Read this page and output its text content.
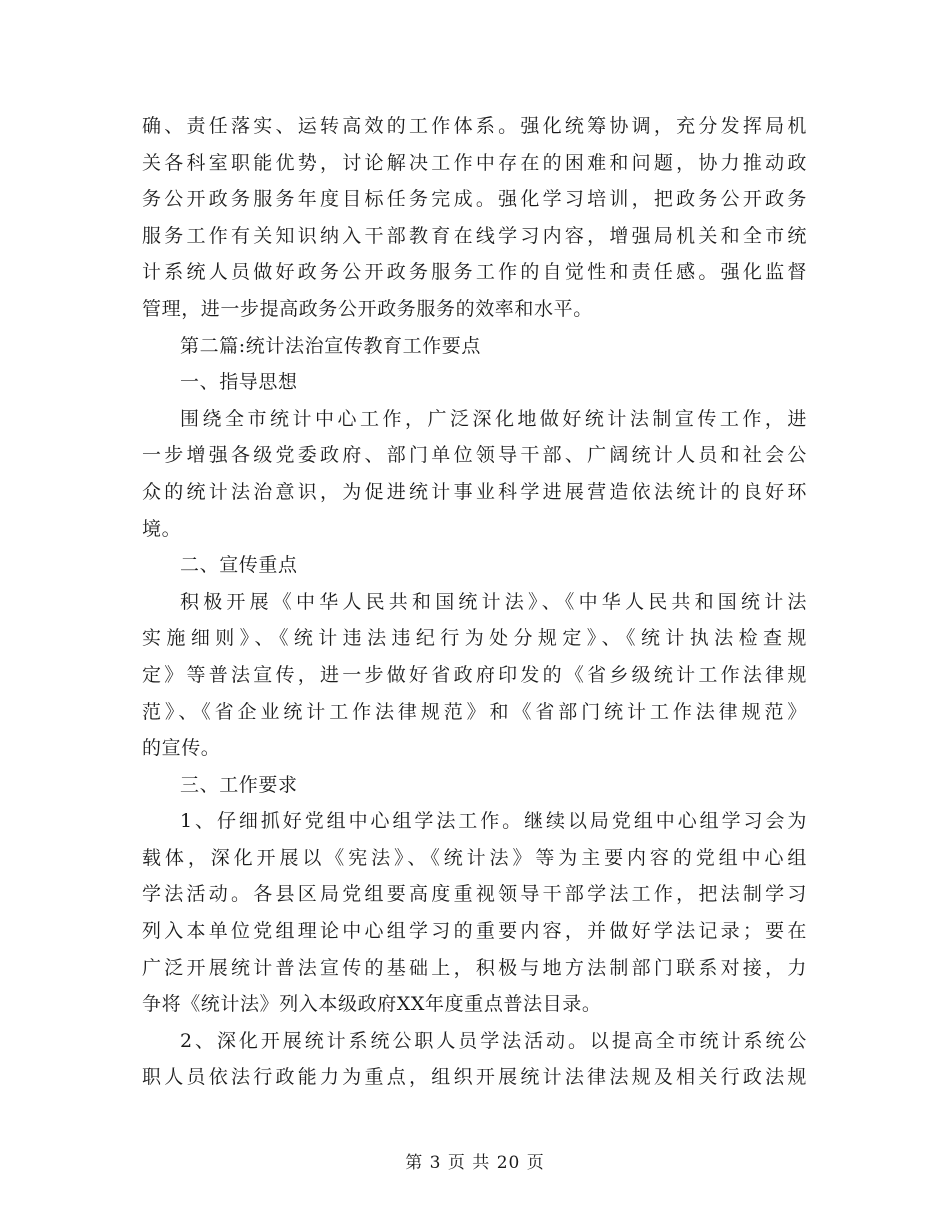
确、责任落实、运转高效的工作体系。强化统筹协调，充分发挥局机
关各科室职能优势，讨论解决工作中存在的困难和问题，协力推动政
务公开政务服务年度目标任务完成。强化学习培训，把政务公开政务
服务工作有关知识纳入干部教育在线学习内容，增强局机关和全市统
计系统人员做好政务公开政务服务工作的自觉性和责任感。强化监督
管理，进一步提高政务公开政务服务的效率和水平。
第二篇:统计法治宣传教育工作要点
一、指导思想
围绕全市统计中心工作，广泛深化地做好统计法制宣传工作，进
一步增强各级党委政府、部门单位领导干部、广阔统计人员和社会公
众的统计法治意识，为促进统计事业科学进展营造依法统计的良好环
境。
二、宣传重点
积极开展《中华人民共和国统计法》、《中华人民共和国统计法
实施细则》、《统计违法违纪行为处分规定》、《统计执法检查规
定》等普法宣传，进一步做好省政府印发的《省乡级统计工作法律规
范》、《省企业统计工作法律规范》和《省部门统计工作法律规范》
的宣传。
三、工作要求
1、仔细抓好党组中心组学法工作。继续以局党组中心组学习会为
载体，深化开展以《宪法》、《统计法》等为主要内容的党组中心组
学法活动。各县区局党组要高度重视领导干部学法工作，把法制学习
列入本单位党组理论中心组学习的重要内容，并做好学法记录；要在
广泛开展统计普法宣传的基础上，积极与地方法制部门联系对接，力
争将《统计法》列入本级政府XX年度重点普法目录。
2、深化开展统计系统公职人员学法活动。以提高全市统计系统公
职人员依法行政能力为重点，组织开展统计法律法规及相关行政法规
第 3 页 共 20 页
